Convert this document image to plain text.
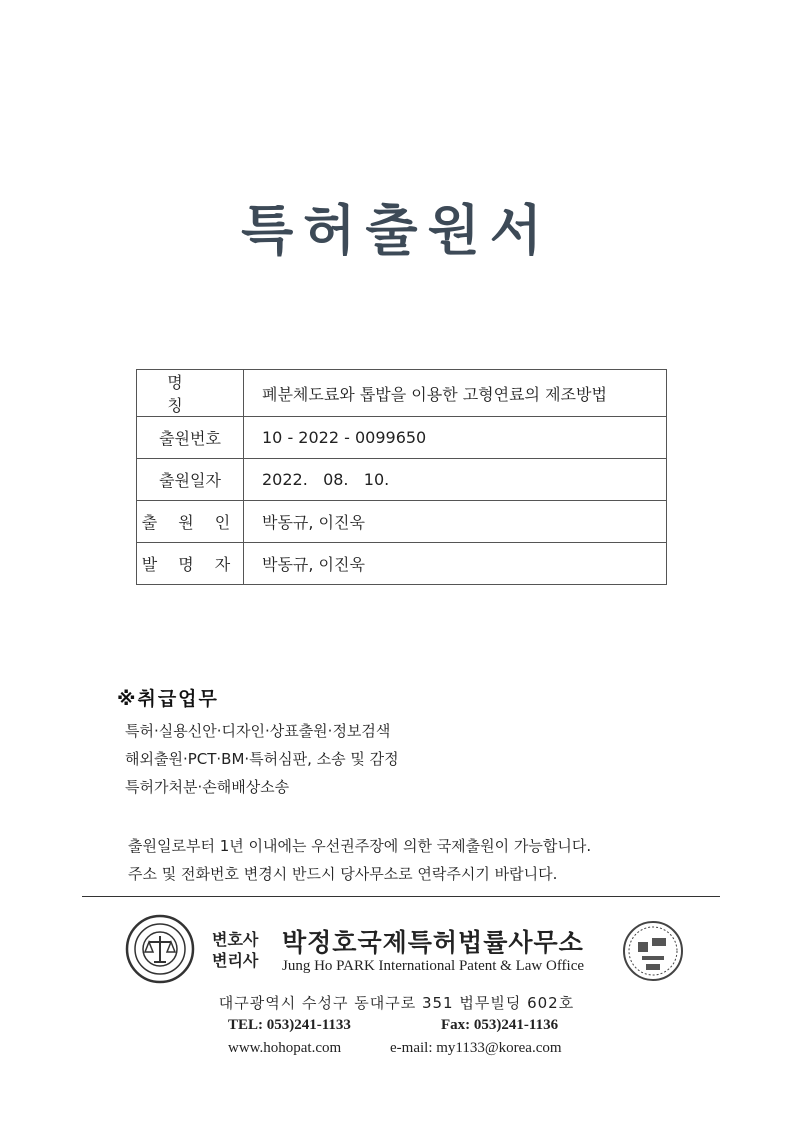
특허출원서
명 칭	폐분체도료와 톱밥을 이용한 고형연료의 제조방법
출원번호	10 - 2022 - 0099650
출원일자	2022.   08.   10.
출 원 인	박동규, 이진욱
발 명 자	박동규, 이진욱
※취급업무
특허·실용신안·디자인·상표출원·정보검색
해외출원·PCT·BM·특허심판, 소송 및 감정
특허가처분·손해배상소송
출원일로부터 1년 이내에는 우선권주장에 의한 국제출원이 가능합니다.
주소 및 전화번호 변경시 반드시 당사무소로 연락주시기 바랍니다.
변호사
변리사
박정호국제특허법률사무소
Jung Ho PARK International Patent & Law Office
대구광역시 수성구 동대구로 351 법무빌딩 602호
TEL: 053)241-1133	Fax: 053)241-1136
www.hohopat.com	e-mail: my1133@korea.com
